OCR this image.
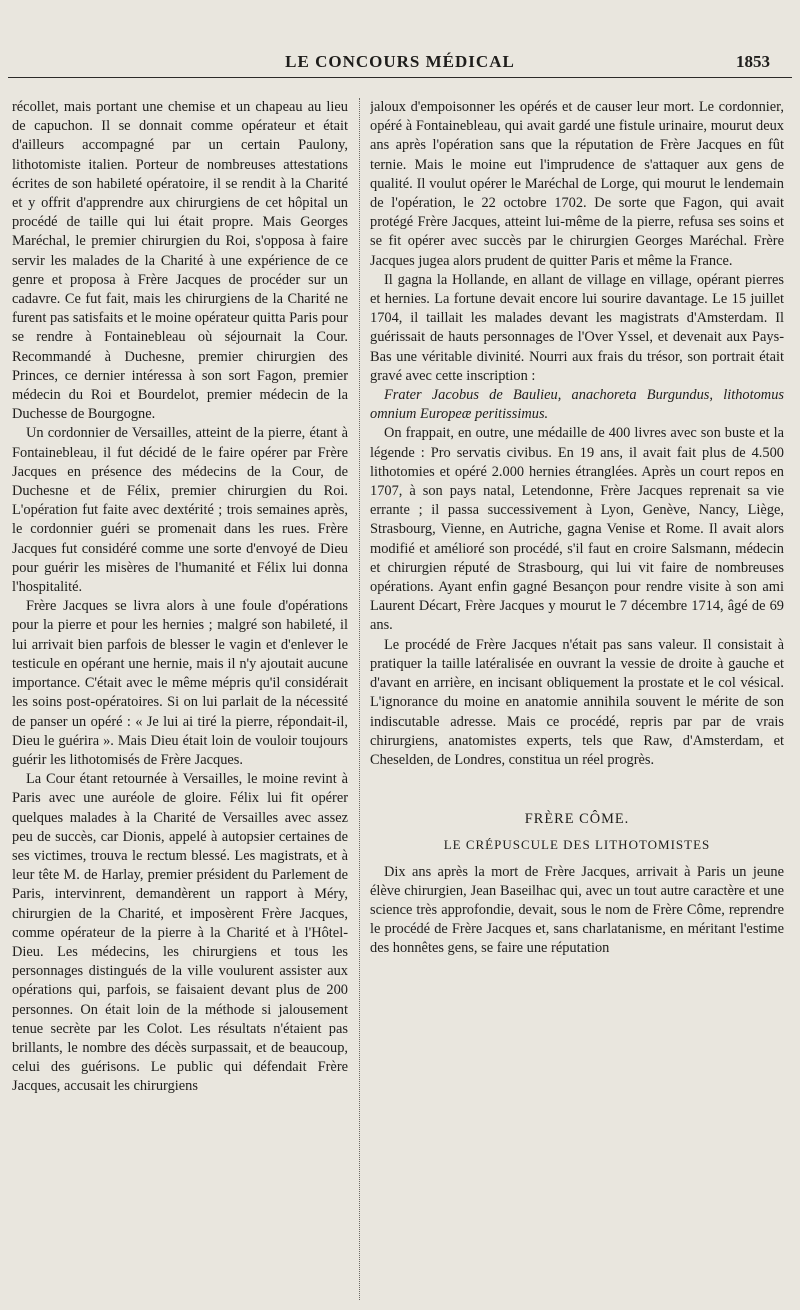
LE CONCOURS MÉDICAL	1853

récollet, mais portant une chemise et un chapeau au lieu de capuchon. Il se donnait comme opérateur et était d'ailleurs accompagné par un certain Paulony, lithotomiste italien. Porteur de nombreuses attestations écrites de son habileté opératoire, il se rendit à la Charité et y offrit d'apprendre aux chirurgiens de cet hôpital un procédé de taille qui lui était propre. Mais Georges Maréchal, le premier chirurgien du Roi, s'opposa à faire servir les malades de la Charité à une expérience de ce genre et proposa à Frère Jacques de procéder sur un cadavre. Ce fut fait, mais les chirurgiens de la Charité ne furent pas satisfaits et le moine opérateur quitta Paris pour se rendre à Fontainebleau où séjournait la Cour. Recommandé à Duchesne, premier chirurgien des Princes, ce dernier intéressa à son sort Fagon, premier médecin du Roi et Bourdelot, premier médecin de la Duchesse de Bourgogne.

Un cordonnier de Versailles, atteint de la pierre, étant à Fontainebleau, il fut décidé de le faire opérer par Frère Jacques en présence des médecins de la Cour, de Duchesne et de Félix, premier chirurgien du Roi. L'opération fut faite avec dextérité ; trois semaines après, le cordonnier guéri se promenait dans les rues. Frère Jacques fut considéré comme une sorte d'envoyé de Dieu pour guérir les misères de l'humanité et Félix lui donna l'hospitalité.

Frère Jacques se livra alors à une foule d'opérations pour la pierre et pour les hernies ; malgré son habileté, il lui arrivait bien parfois de blesser le vagin et d'enlever le testicule en opérant une hernie, mais il n'y ajoutait aucune importance. C'était avec le même mépris qu'il considérait les soins post-opératoires. Si on lui parlait de la nécessité de panser un opéré : « Je lui ai tiré la pierre, répondait-il, Dieu le guérira ». Mais Dieu était loin de vouloir toujours guérir les lithotomisés de Frère Jacques.

La Cour étant retournée à Versailles, le moine revint à Paris avec une auréole de gloire. Félix lui fit opérer quelques malades à la Charité de Versailles avec assez peu de succès, car Dionis, appelé à autopsier certaines de ses victimes, trouva le rectum blessé. Les magistrats, et à leur tête M. de Harlay, premier président du Parlement de Paris, intervinrent, demandèrent un rapport à Méry, chirurgien de la Charité, et imposèrent Frère Jacques, comme opérateur de la pierre à la Charité et à l'Hôtel-Dieu. Les médecins, les chirurgiens et tous les personnages distingués de la ville voulurent assister aux opérations qui, parfois, se faisaient devant plus de 200 personnes. On était loin de la méthode si jalousement tenue secrète par les Colot. Les résultats n'étaient pas brillants, le nombre des décès surpassait, et de beaucoup, celui des guérisons. Le public qui défendait Frère Jacques, accusait les chirurgiens

jaloux d'empoisonner les opérés et de causer leur mort. Le cordonnier, opéré à Fontainebleau, qui avait gardé une fistule urinaire, mourut deux ans après l'opération sans que la réputation de Frère Jacques en fût ternie. Mais le moine eut l'imprudence de s'attaquer aux gens de qualité. Il voulut opérer le Maréchal de Lorge, qui mourut le lendemain de l'opération, le 22 octobre 1702. De sorte que Fagon, qui avait protégé Frère Jacques, atteint lui-même de la pierre, refusa ses soins et se fit opérer avec succès par le chirurgien Georges Maréchal. Frère Jacques jugea alors prudent de quitter Paris et même la France.

Il gagna la Hollande, en allant de village en village, opérant pierres et hernies. La fortune devait encore lui sourire davantage. Le 15 juillet 1704, il taillait les malades devant les magistrats d'Amsterdam. Il guérissait de hauts personnages de l'Over Yssel, et devenait aux Pays-Bas une véritable divinité. Nourri aux frais du trésor, son portrait était gravé avec cette inscription :

Frater Jacobus de Baulieu, anachoreta Burgundus, lithotomus omnium Europeæ peritissimus.

On frappait, en outre, une médaille de 400 livres avec son buste et la légende : Pro servatis civibus. En 19 ans, il avait fait plus de 4.500 lithotomies et opéré 2.000 hernies étranglées. Après un court repos en 1707, à son pays natal, Letendonne, Frère Jacques reprenait sa vie errante ; il passa successivement à Lyon, Genève, Nancy, Liège, Strasbourg, Vienne, en Autriche, gagna Venise et Rome. Il avait alors modifié et amélioré son procédé, s'il faut en croire Salsmann, médecin et chirurgien réputé de Strasbourg, qui lui vit faire de nombreuses opérations. Ayant enfin gagné Besançon pour rendre visite à son ami Laurent Décart, Frère Jacques y mourut le 7 décembre 1714, âgé de 69 ans.

Le procédé de Frère Jacques n'était pas sans valeur. Il consistait à pratiquer la taille latéralisée en ouvrant la vessie de droite à gauche et d'avant en arrière, en incisant obliquement la prostate et le col vésical. L'ignorance du moine en anatomie annihila souvent le mérite de son indiscutable adresse. Mais ce procédé, repris par par de vrais chirurgiens, anatomistes experts, tels que Raw, d'Amsterdam, et Cheselden, de Londres, constitua un réel progrès.

FRÈRE CÔME.
LE CRÉPUSCULE DES LITHOTOMISTES

Dix ans après la mort de Frère Jacques, arrivait à Paris un jeune élève chirurgien, Jean Baseilhac qui, avec un tout autre caractère et une science très approfondie, devait, sous le nom de Frère Côme, reprendre le procédé de Frère Jacques et, sans charlatanisme, en méritant l'estime des honnêtes gens, se faire une réputation
